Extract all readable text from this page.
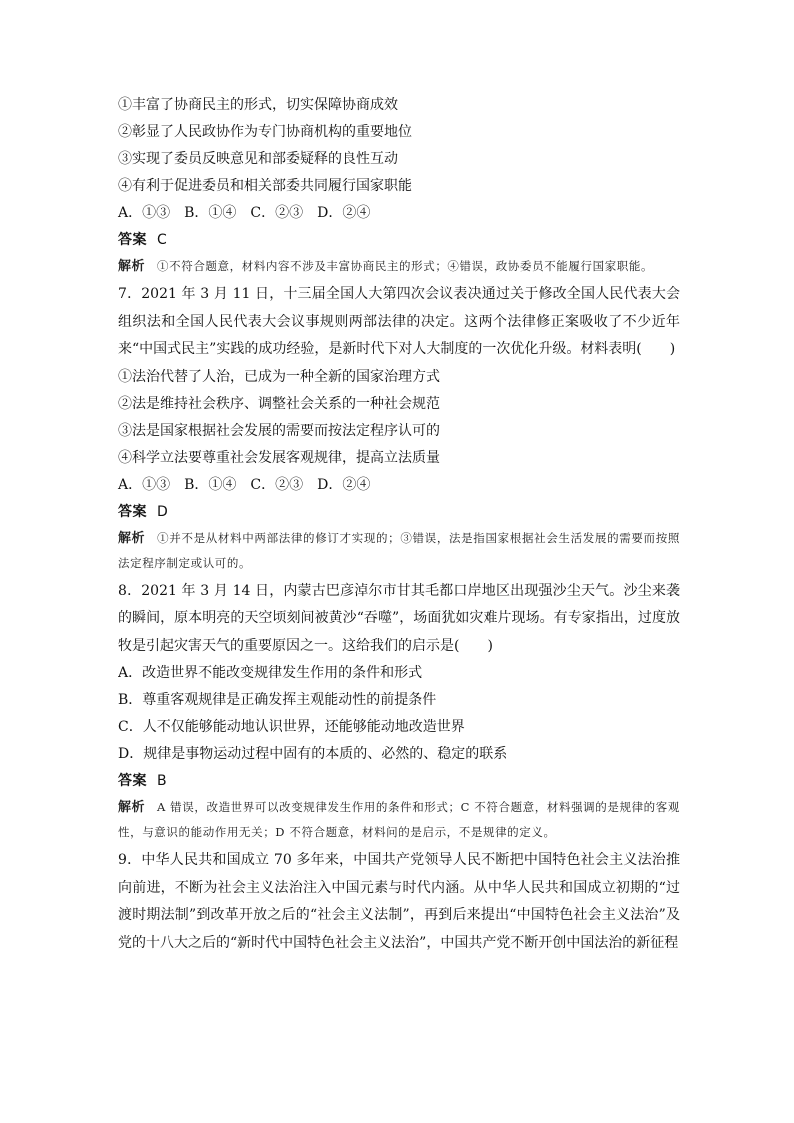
①丰富了协商民主的形式，切实保障协商成效
②彰显了人民政协作为专门协商机构的重要地位
③实现了委员反映意见和部委疑释的良性互动
④有利于促进委员和相关部委共同履行国家职能
A．①③　B．①④　C．②③　D．②④
答案 C
解析 ①不符合题意，材料内容不涉及丰富协商民主的形式；④错误，政协委员不能履行国家职能。
7．2021 年 3 月 11 日，十三届全国人大第四次会议表决通过关于修改全国人民代表大会组织法和全国人民代表大会议事规则两部法律的决定。这两个法律修正案吸收了不少近年来“中国式民主”实践的成功经验，是新时代下对人大制度的一次优化升级。材料表明(　　)
①法治代替了人治，已成为一种全新的国家治理方式
②法是维持社会秩序、调整社会关系的一种社会规范
③法是国家根据社会发展的需要而按法定程序认可的
④科学立法要尊重社会发展客观规律，提高立法质量
A．①③　B．①④　C．②③　D．②④
答案 D
解析 ①并不是从材料中两部法律的修订才实现的；③错误，法是指国家根据社会生活发展的需要而按照法定程序制定或认可的。
8．2021 年 3 月 14 日，内蒙古巴彦淖尔市甘其毛都口岸地区出现强沙尘天气。沙尘来袭的瞬间，原本明亮的天空顷刻间被黄沙“吞噬”，场面犹如灾难片现场。有专家指出，过度放牧是引起灾害天气的重要原因之一。这给我们的启示是(　　)
A．改造世界不能改变规律发生作用的条件和形式
B．尊重客观规律是正确发挥主观能动性的前提条件
C．人不仅能够能动地认识世界，还能够能动地改造世界
D．规律是事物运动过程中固有的本质的、必然的、稳定的联系
答案 B
解析 A 错误，改造世界可以改变规律发生作用的条件和形式；C 不符合题意，材料强调的是规律的客观性，与意识的能动作用无关；D 不符合题意，材料问的是启示，不是规律的定义。
9．中华人民共和国成立 70 多年来，中国共产党领导人民不断把中国特色社会主义法治推向前进，不断为社会主义法治注入中国元素与时代内涵。从中华人民共和国成立初期的“过渡时期法制”到改革开放之后的“社会主义法制”，再到后来提出“中国特色社会主义法治”及党的十八大之后的“新时代中国特色社会主义法治”，中国共产党不断开创中国法治的新征程
